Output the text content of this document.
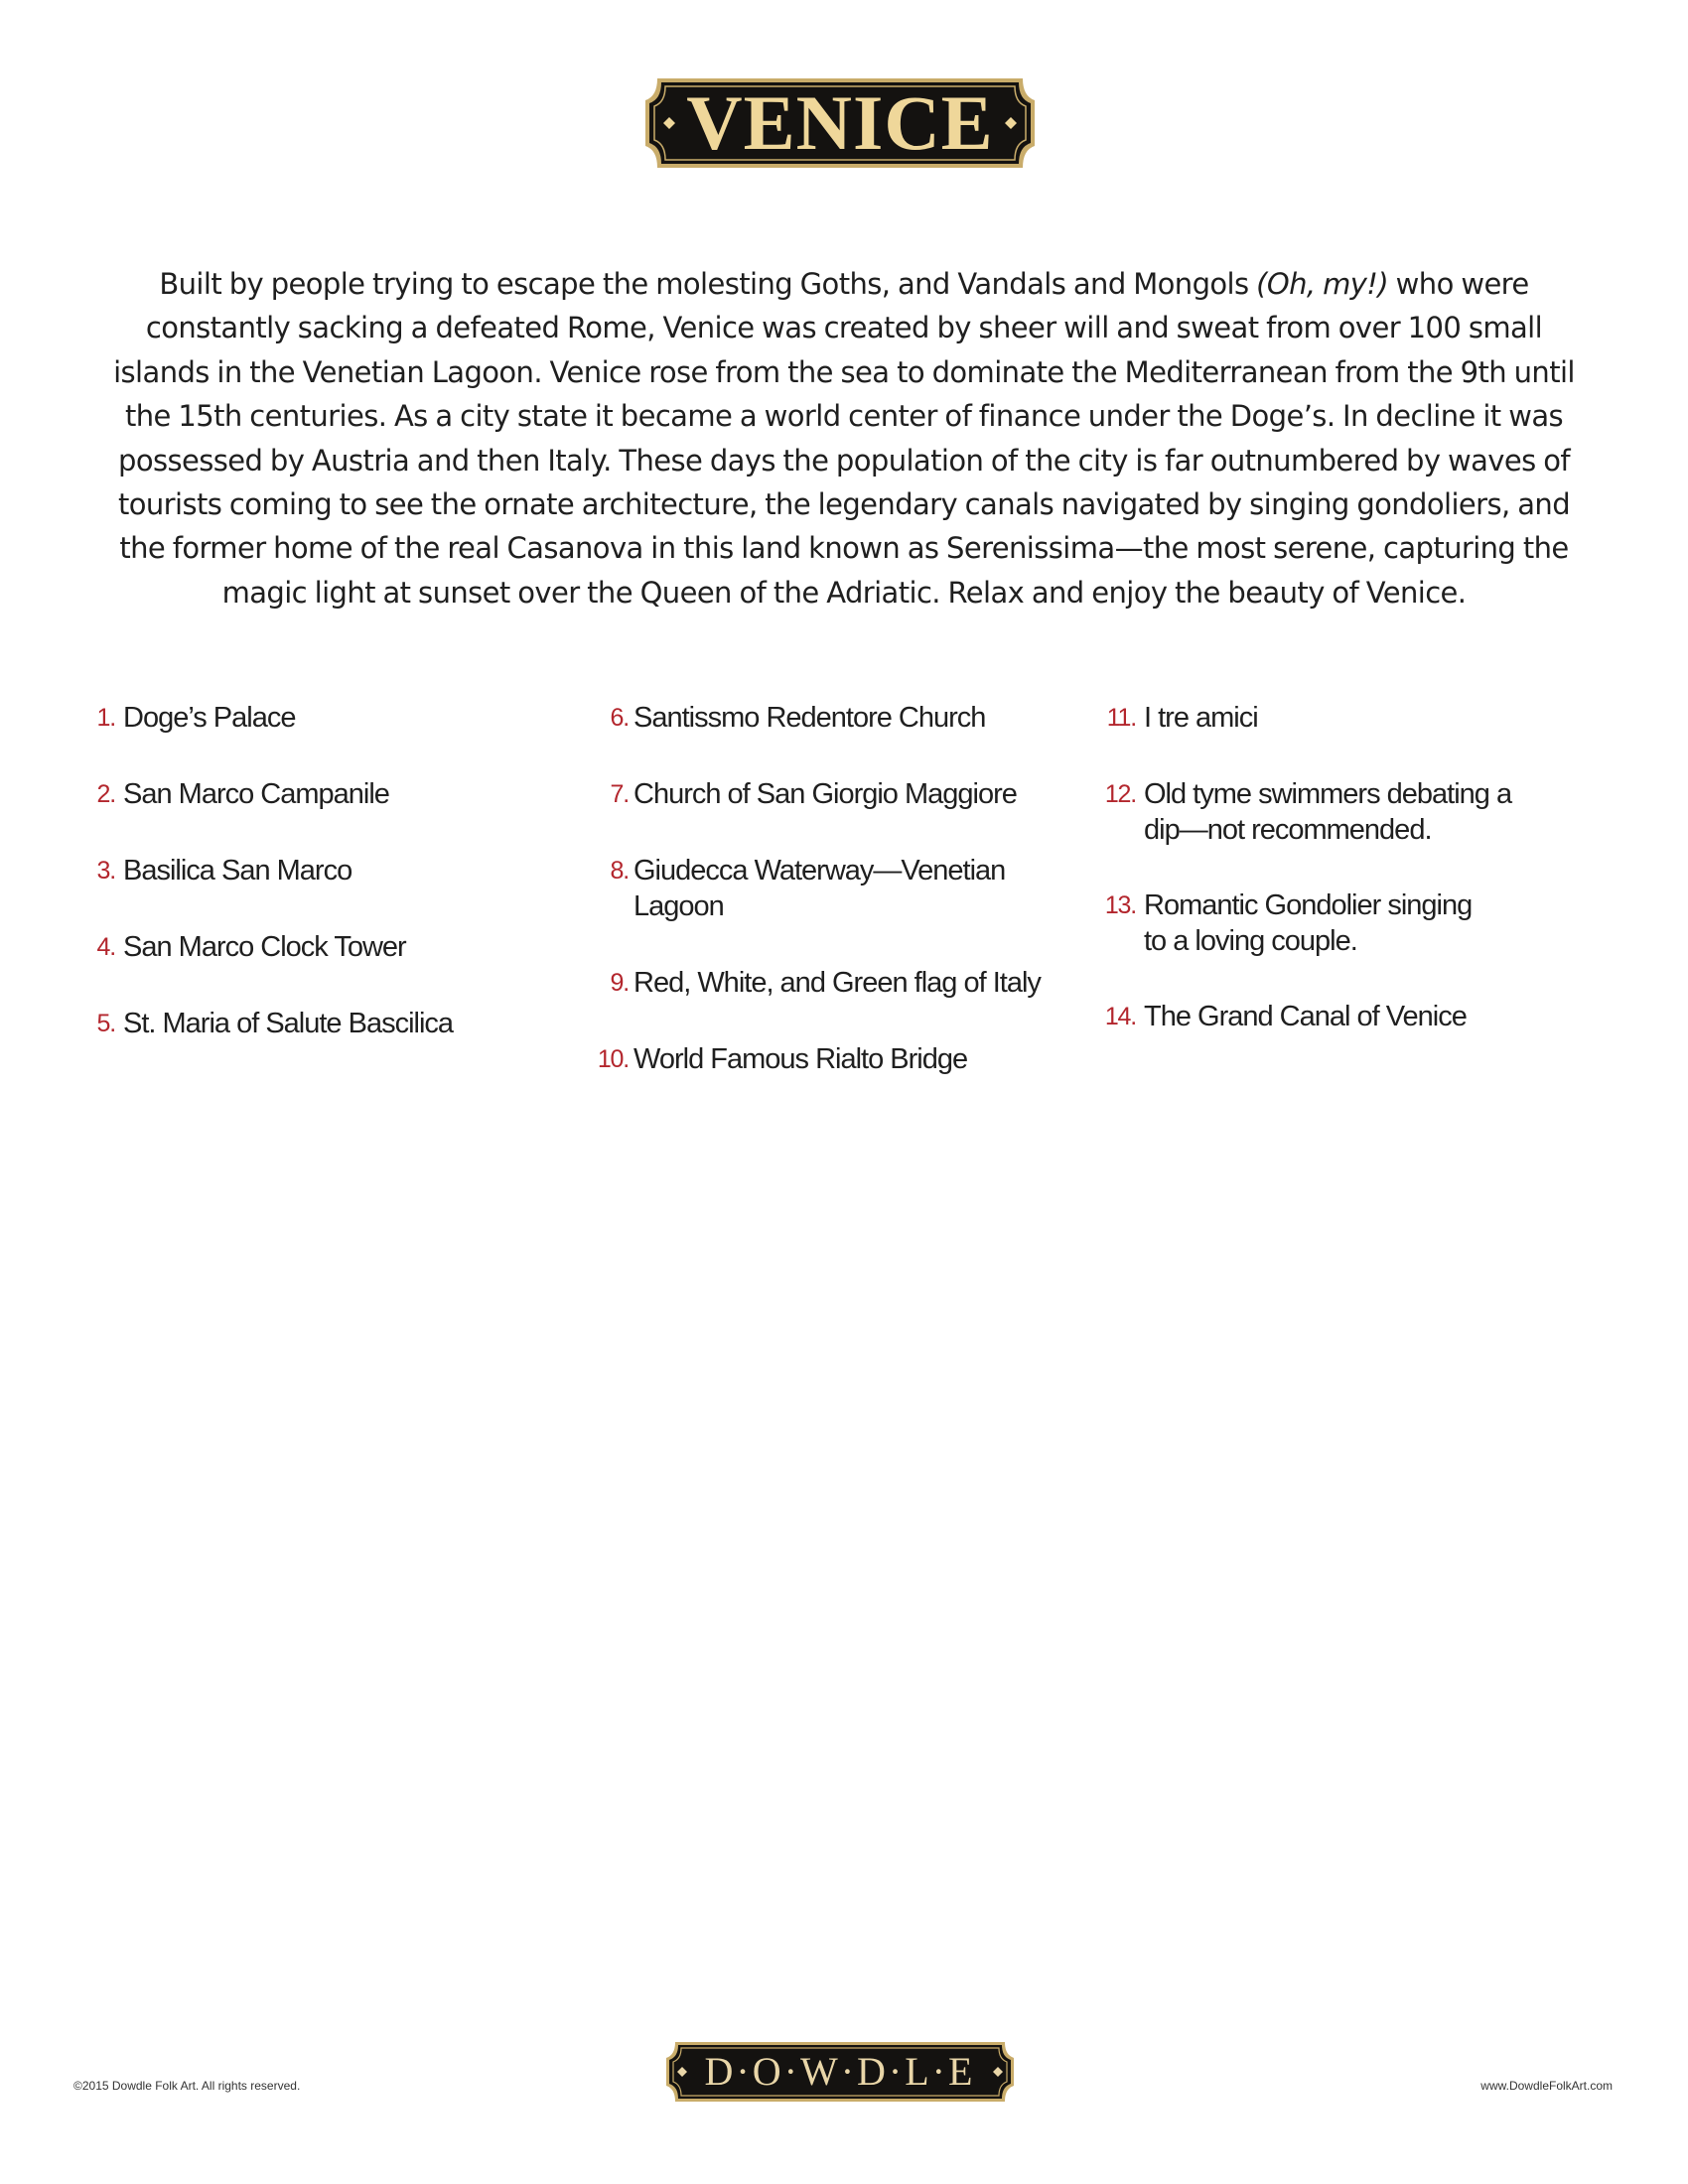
VENICE

Built by people trying to escape the molesting Goths, and Vandals and Mongols (Oh, my!) who were constantly sacking a defeated Rome, Venice was created by sheer will and sweat from over 100 small islands in the Venetian Lagoon. Venice rose from the sea to dominate the Mediterranean from the 9th until the 15th centuries. As a city state it became a world center of finance under the Doge’s. In decline it was possessed by Austria and then Italy. These days the population of the city is far outnumbered by waves of tourists coming to see the ornate architecture, the legendary canals navigated by singing gondoliers, and the former home of the real Casanova in this land known as Serenissima—the most serene, capturing the magic light at sunset over the Queen of the Adriatic. Relax and enjoy the beauty of Venice.

1. Doge’s Palace
2. San Marco Campanile
3. Basilica San Marco
4. San Marco Clock Tower
5. St. Maria of Salute Bascilica
6. Santissmo Redentore Church
7. Church of San Giorgio Maggiore
8. Giudecca Waterway—Venetian Lagoon
9. Red, White, and Green flag of Italy
10. World Famous Rialto Bridge
11. I tre amici
12. Old tyme swimmers debating a
dip—not recommended.
13. Romantic Gondolier singing
to a loving couple.
14. The Grand Canal of Venice

©2015 Dowdle Folk Art. All rights reserved.	D·O·W·D·L·E	www.DowdleFolkArt.com
